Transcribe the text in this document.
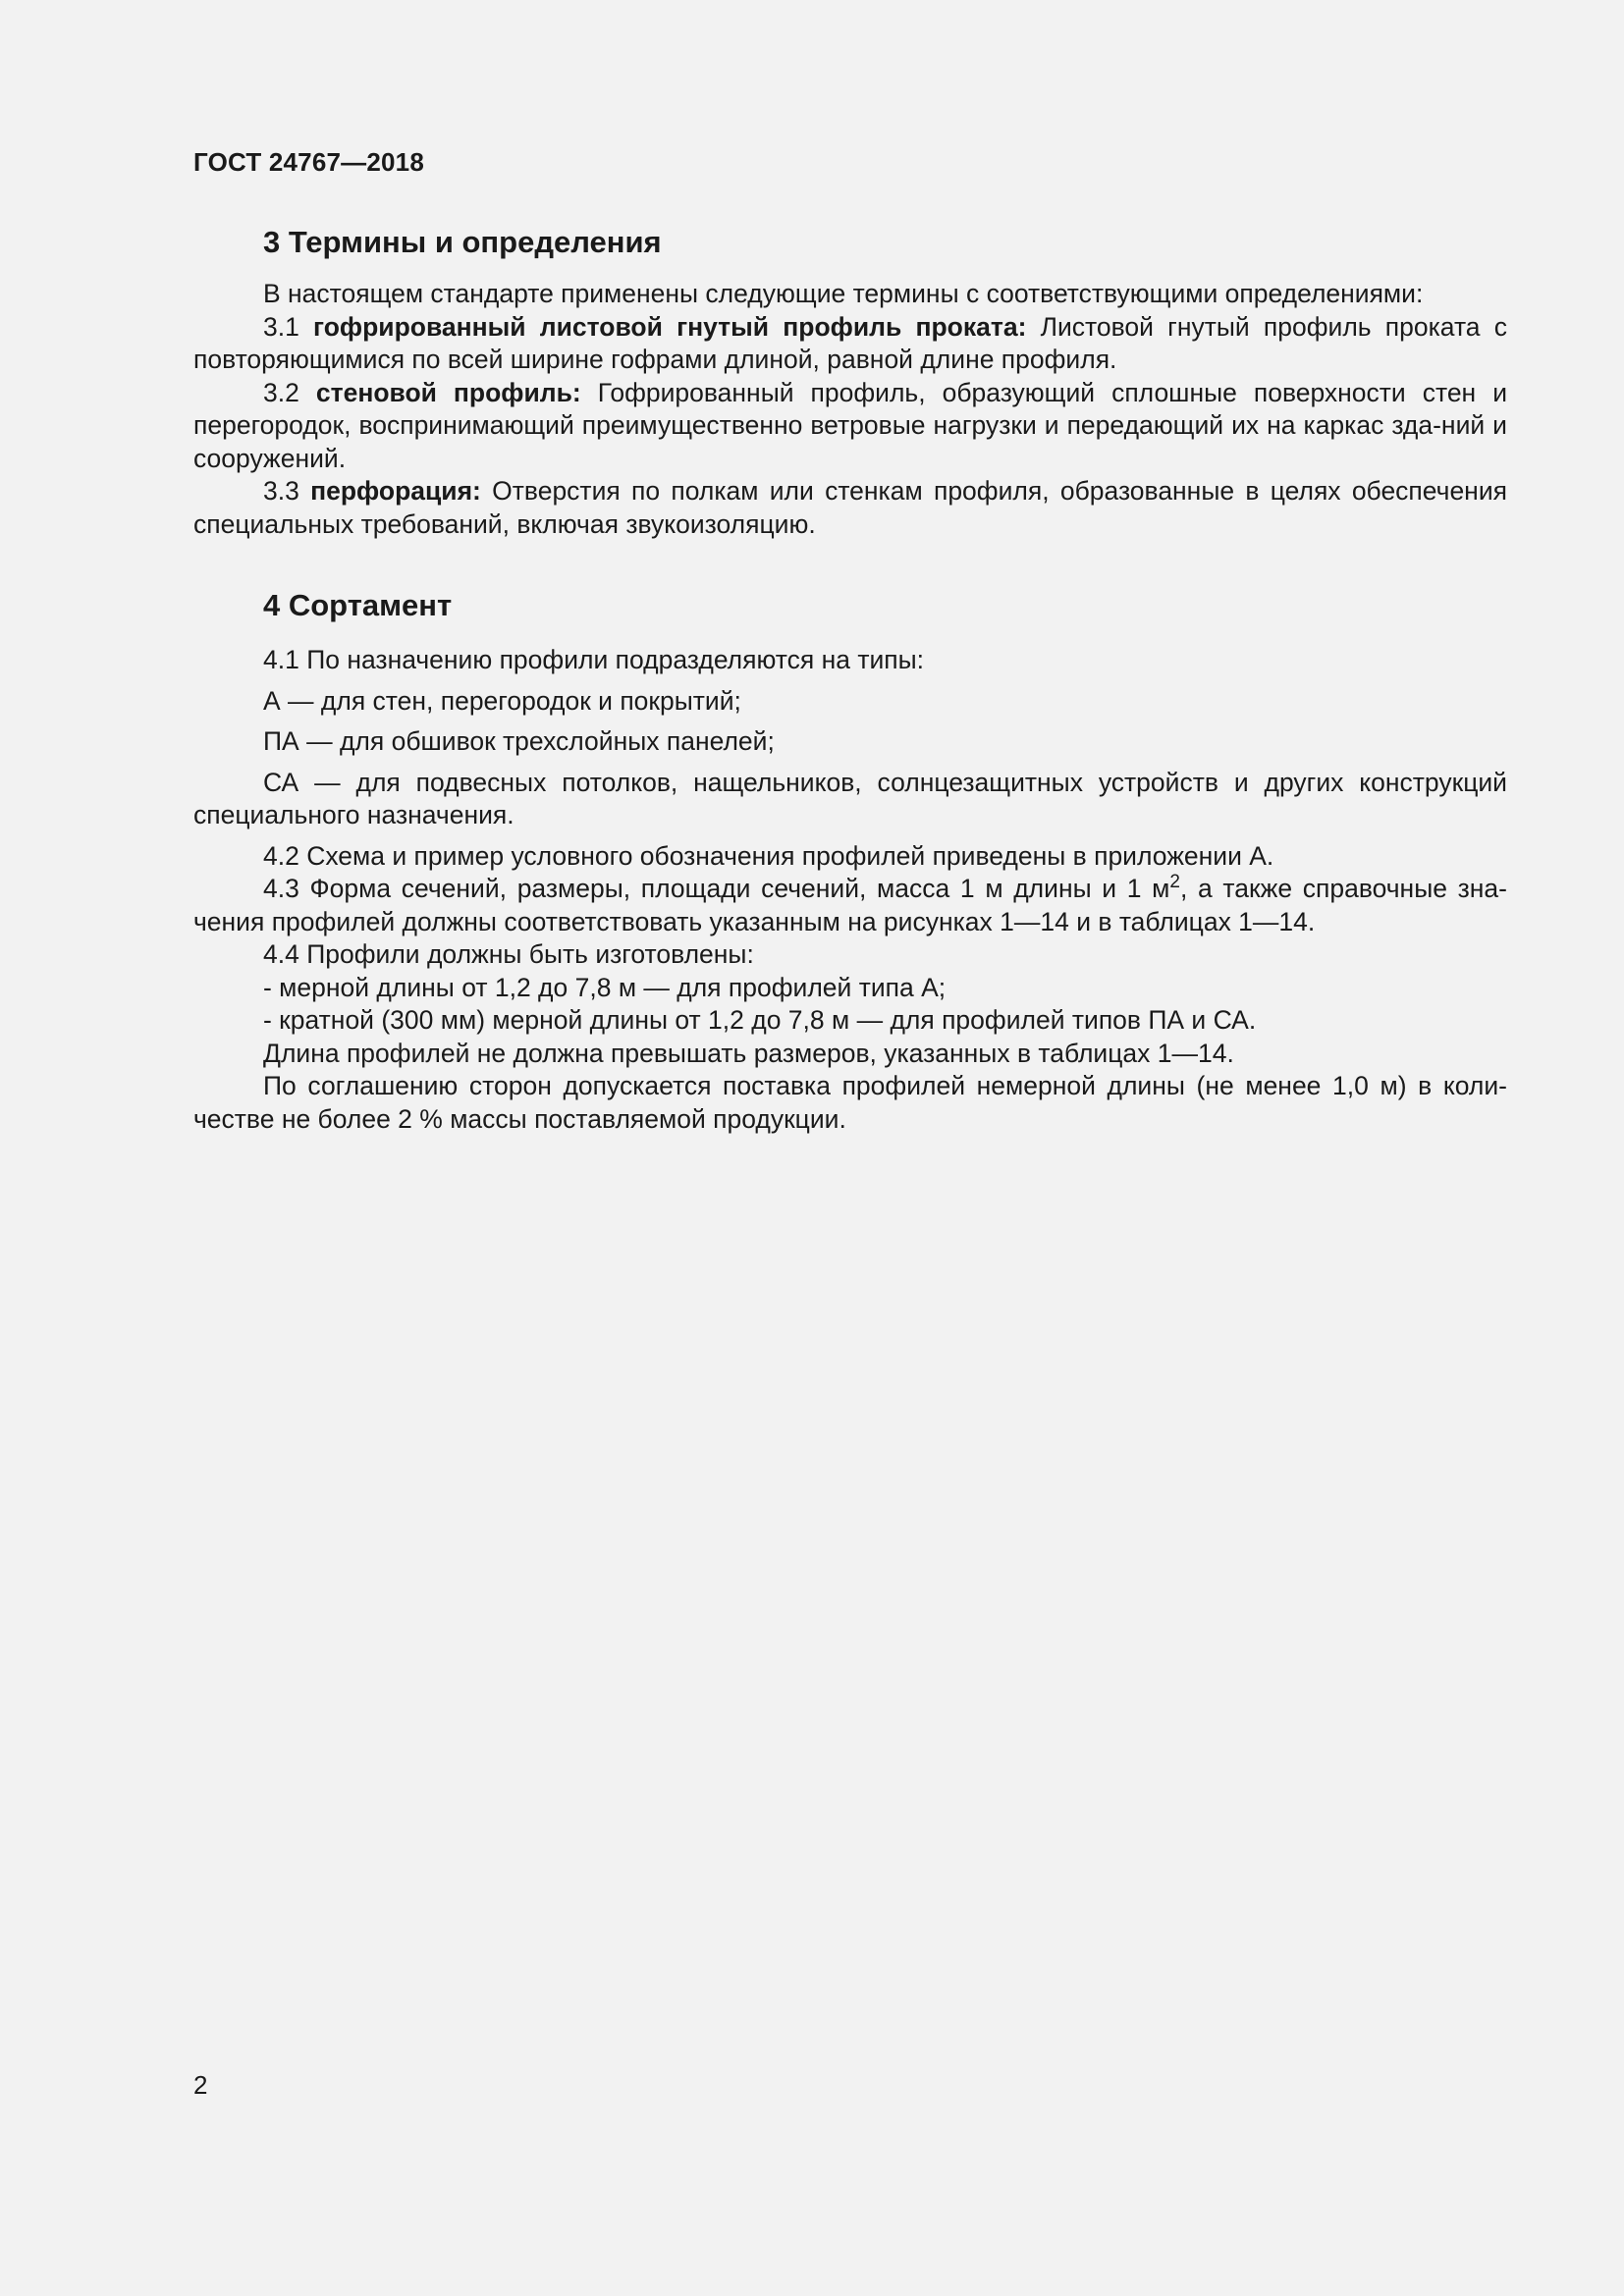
ГОСТ 24767—2018
3 Термины и определения

В настоящем стандарте применены следующие термины с соответствующими определениями:

3.1 гофрированный листовой гнутый профиль проката: Листовой гнутый профиль проката с повторяющимися по всей ширине гофрами длиной, равной длине профиля.

3.2 стеновой профиль: Гофрированный профиль, образующий сплошные поверхности стен и перегородок, воспринимающий преимущественно ветровые нагрузки и передающий их на каркас зда-ний и сооружений.

3.3 перфорация: Отверстия по полкам или стенкам профиля, образованные в целях обеспечения специальных требований, включая звукоизоляцию.

4 Сортамент

4.1 По назначению профили подразделяются на типы:

А — для стен, перегородок и покрытий;

ПА — для обшивок трехслойных панелей;

СА — для подвесных потолков, нащельников, солнцезащитных устройств и других конструкций специального назначения.

4.2 Схема и пример условного обозначения профилей приведены в приложении А.

4.3 Форма сечений, размеры, площади сечений, масса 1 м длины и 1 $м^2$, а также справочные зна-чения профилей должны соответствовать указанным на рисунках 1—14 и в таблицах 1—14.

4.4 Профили должны быть изготовлены:

- мерной длины от 1,2 до 7,8 м — для профилей типа А;

- кратной (300 мм) мерной длины от 1,2 до 7,8 м — для профилей типов ПА и СА.

Длина профилей не должна превышать размеров, указанных в таблицах 1—14.

По соглашению сторон допускается поставка профилей немерной длины (не менее 1,0 м) в коли-честве не более 2 % массы поставляемой продукции.

2
